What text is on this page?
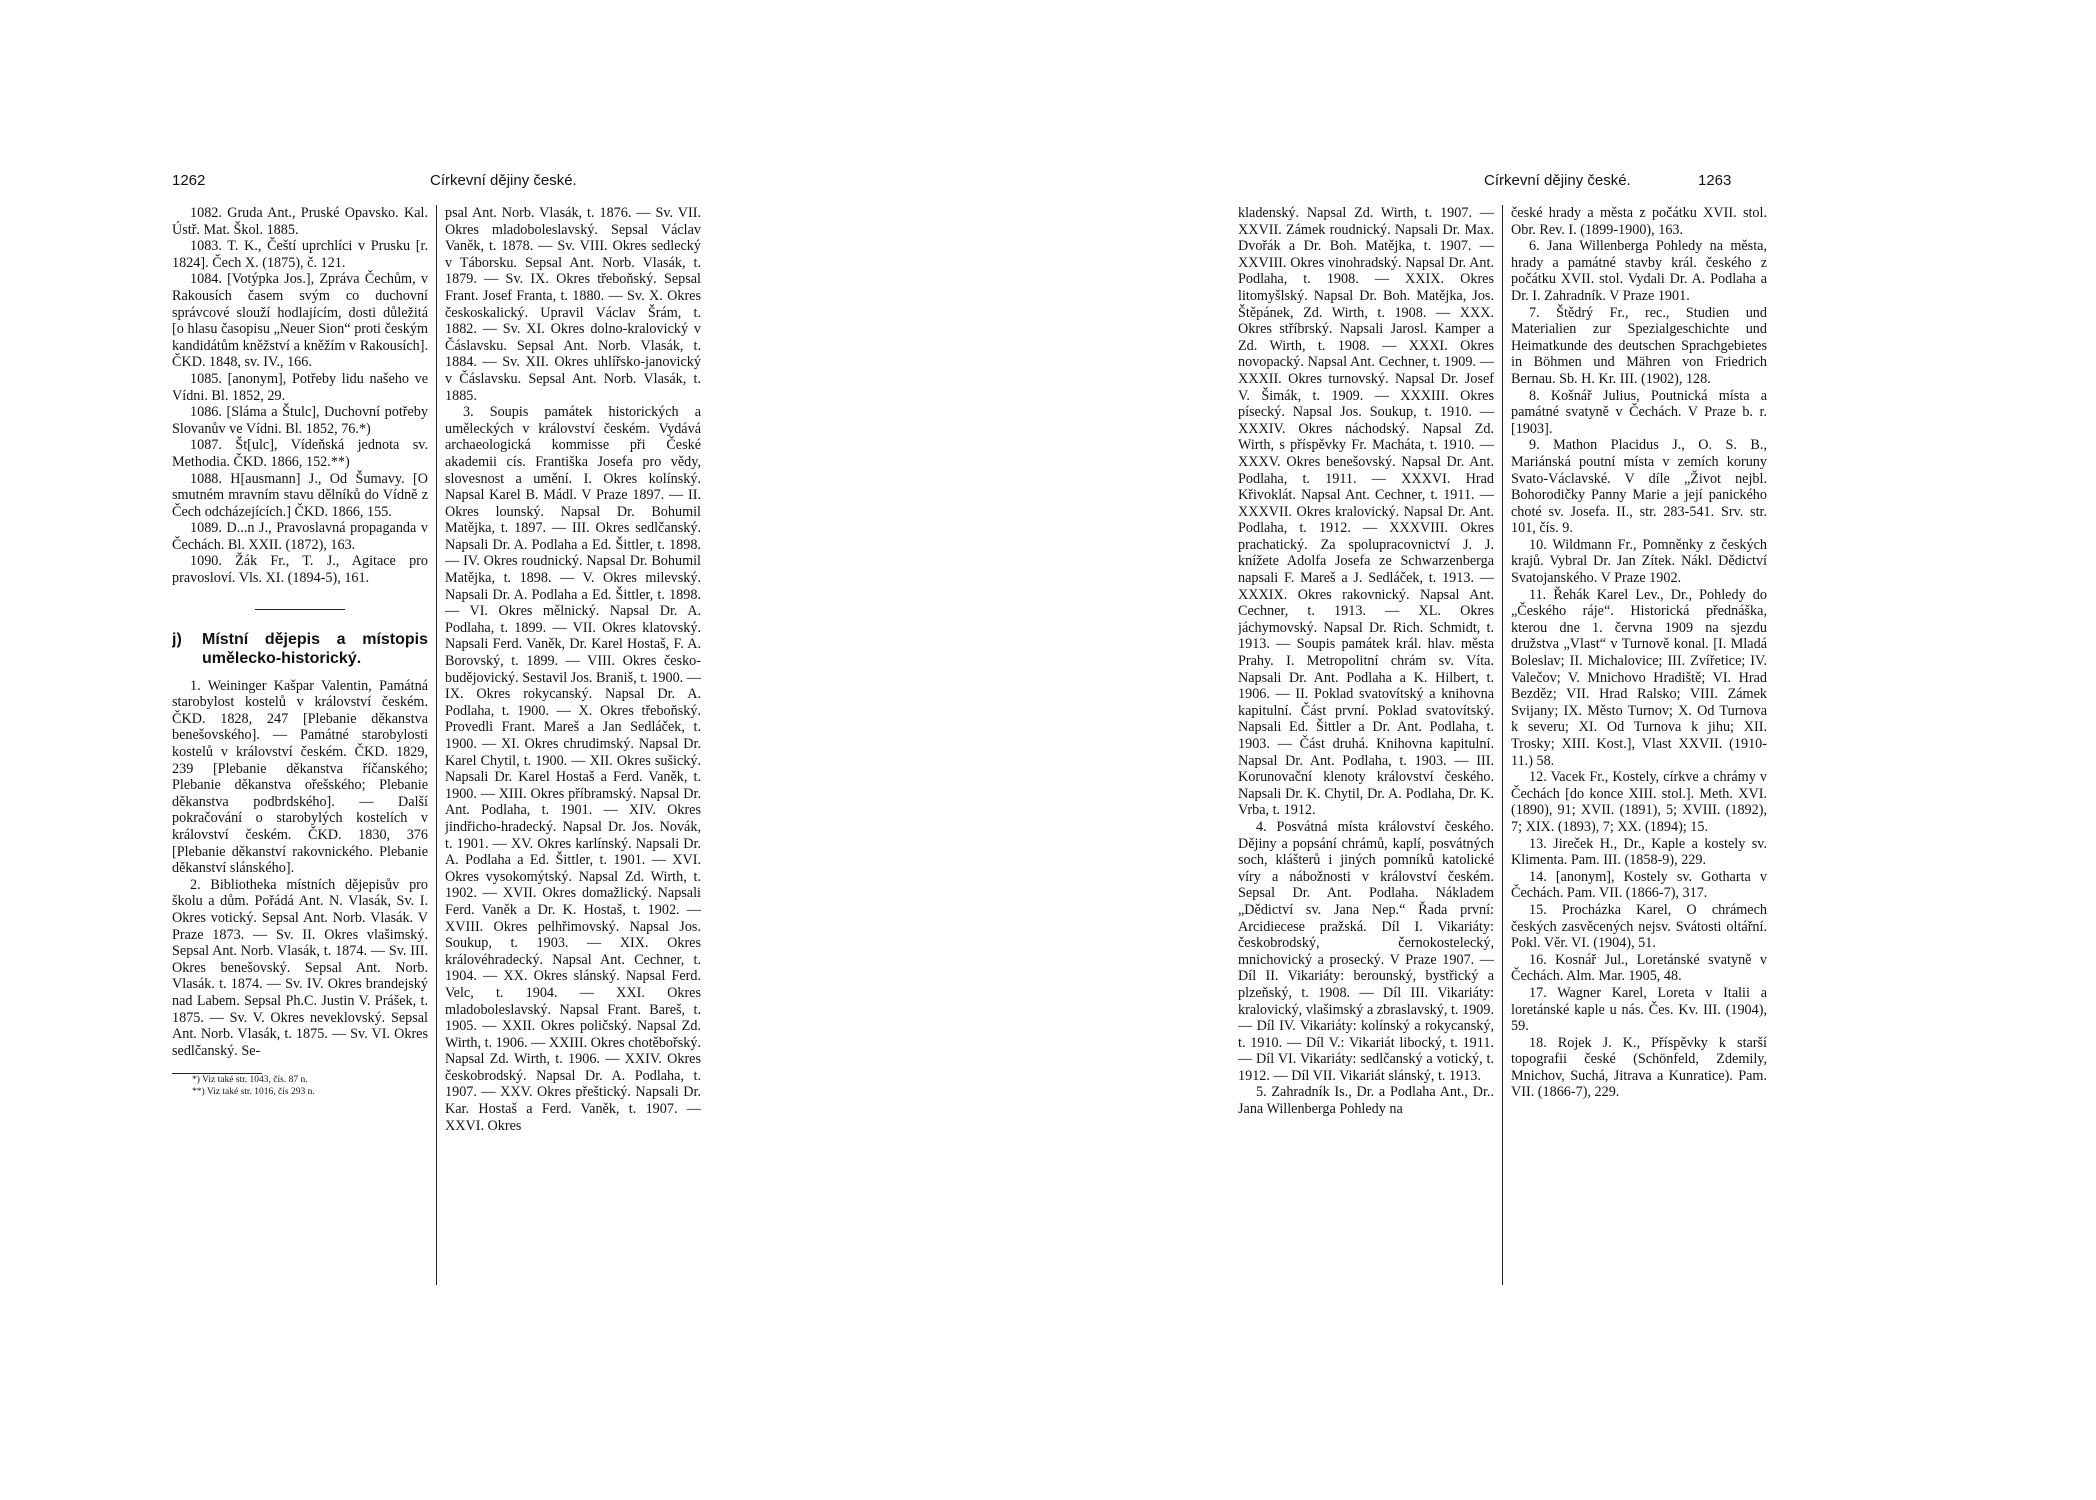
1262	Církevní dějiny české.

1082. Gruda Ant., Pruské Opavsko. Kal. Ústř. Mat. Škol. 1885.

1083. T. K., Čeští uprchlíci v Prusku [r. 1824]. Čech X. (1875), č. 121.

1084. [Votýpka Jos.], Zpráva Čechům, v Rakousích časem svým co duchovní správcové slouží hodlajícím, dosti důležitá [o hlasu časopisu „Neuer Sion“ proti českým kandidátům kněžství a kněžím v Rakousích]. ČKD. 1848, sv. IV., 166.

1085. [anonym], Potřeby lidu našeho ve Vídni. Bl. 1852, 29.

1086. [Sláma a Štulc], Duchovní potřeby Slovanův ve Vídni. Bl. 1852, 76.*)

1087. Št[ulc], Vídeňská jednota sv. Methodia. ČKD. 1866, 152.**)

1088. H[ausmann] J., Od Šumavy. [O smutném mravním stavu dělníků do Vídně z Čech odcházejících.] ČKD. 1866, 155.

1089. D...n J., Pravoslavná propaganda v Čechách. Bl. XXII. (1872), 163.

1090. Žák Fr., T. J., Agitace pro pravosloví. Vls. XI. (1894-5), 161.

j) Místní dějepis a místopis umělecko-historický.

1. Weininger Kašpar Valentin, Památná starobylost kostelů v království českém. ČKD. 1828, 247 [Plebanie děkanstva benešovského]. — Památné starobylosti kostelů v království českém. ČKD. 1829, 239 [Plebanie děkanstva říčanského; Plebanie děkanstva ořešského; Plebanie děkanstva podbrdského]. — Další pokračování o starobylých kostelích v království českém. ČKD. 1830, 376 [Plebanie děkanství rakovnického. Plebanie děkanství slánského].

2. Bibliotheka místních dějepisův pro školu a dům. Pořádá Ant. N. Vlasák, Sv. I. Okres votický. Sepsal Ant. Norb. Vlasák. V Praze 1873. — Sv. II. Okres vlašimský. Sepsal Ant. Norb. Vlasák, t. 1874. — Sv. III. Okres benešovský. Sepsal Ant. Norb. Vlasák. t. 1874. — Sv. IV. Okres brandejský nad Labem. Sepsal Ph.C. Justin V. Prášek, t. 1875. — Sv. V. Okres neveklovský. Sepsal Ant. Norb. Vlasák, t. 1875. — Sv. VI. Okres sedlčanský. Se-

*) Viz také str. 1043, čís. 87 n.
**) Viz také str. 1016, čís 293 n.

psal Ant. Norb. Vlasák, t. 1876. — Sv. VII. Okres mladoboleslavský. Sepsal Václav Vaněk, t. 1878. — Sv. VIII. Okres sedlecký v Táborsku. Sepsal Ant. Norb. Vlasák, t. 1879. — Sv. IX. Okres třeboňský. Sepsal Frant. Josef Franta, t. 1880. — Sv. X. Okres českoskalický. Upravil Václav Šrám, t. 1882. — Sv. XI. Okres dolno-kralovický v Čáslavsku. Sepsal Ant. Norb. Vlasák, t. 1884. — Sv. XII. Okres uhlířsko-janovický v Čáslavsku. Sepsal Ant. Norb. Vlasák, t. 1885.

3. Soupis památek historických a uměleckých v království českém. Vydává archaeologická kommisse při České akademii cís. Františka Josefa pro vědy, slovesnost a umění. I. Okres kolínský. Napsal Karel B. Mádl. V Praze 1897. — II. Okres lounský. Napsal Dr. Bohumil Matějka, t. 1897. — III. Okres sedlčanský. Napsali Dr. A. Podlaha a Ed. Šittler, t. 1898. — IV. Okres roudnický. Napsal Dr. Bohumil Matějka, t. 1898. — V. Okres milevský. Napsali Dr. A. Podlaha a Ed. Šittler, t. 1898. — VI. Okres mělnický. Napsal Dr. A. Podlaha, t. 1899. — VII. Okres klatovský. Napsali Ferd. Vaněk, Dr. Karel Hostaš, F. A. Borovský, t. 1899. — VIII. Okres česko-budějovický. Sestavil Jos. Braniš, t. 1900. — IX. Okres rokycanský. Napsal Dr. A. Podlaha, t. 1900. — X. Okres třeboňský. Provedli Frant. Mareš a Jan Sedláček, t. 1900. — XI. Okres chrudimský. Napsal Dr. Karel Chytil, t. 1900. — XII. Okres sušický. Napsali Dr. Karel Hostaš a Ferd. Vaněk, t. 1900. — XIII. Okres příbramský. Napsal Dr. Ant. Podlaha, t. 1901. — XIV. Okres jindřicho-hradecký. Napsal Dr. Jos. Novák, t. 1901. — XV. Okres karlínský. Napsali Dr. A. Podlaha a Ed. Šittler, t. 1901. — XVI. Okres vysokomýtský. Napsal Zd. Wirth, t. 1902. — XVII. Okres domažlický. Napsali Ferd. Vaněk a Dr. K. Hostaš, t. 1902. — XVIII. Okres pelhřimovský. Napsal Jos. Soukup, t. 1903. — XIX. Okres královéhradecký. Napsal Ant. Cechner, t. 1904. — XX. Okres slánský. Napsal Ferd. Velc, t. 1904. — XXI. Okres mladoboleslavský. Napsal Frant. Bareš, t. 1905. — XXII. Okres poličský. Napsal Zd. Wirth, t. 1906. — XXIII. Okres chotěbořský. Napsal Zd. Wirth, t. 1906. — XXIV. Okres českobrodský. Napsal Dr. A. Podlaha, t. 1907. — XXV. Okres přeštický. Napsali Dr. Kar. Hostaš a Ferd. Vaněk, t. 1907. — XXVI. Okres

Církevní dějiny české.	1263

kladenský. Napsal Zd. Wirth, t. 1907. — XXVII. Zámek roudnický. Napsali Dr. Max. Dvořák a Dr. Boh. Matějka, t. 1907. — XXVIII. Okres vinohradský. Napsal Dr. Ant. Podlaha, t. 1908. — XXIX. Okres litomyšlský. Napsal Dr. Boh. Matějka, Jos. Štěpánek, Zd. Wirth, t. 1908. — XXX. Okres stříbrský. Napsali Jarosl. Kamper a Zd. Wirth, t. 1908. — XXXI. Okres novopacký. Napsal Ant. Cechner, t. 1909. — XXXII. Okres turnovský. Napsal Dr. Josef V. Šimák, t. 1909. — XXXIII. Okres písecký. Napsal Jos. Soukup, t. 1910. — XXXIV. Okres náchodský. Napsal Zd. Wirth, s příspěvky Fr. Macháta, t. 1910. — XXXV. Okres benešovský. Napsal Dr. Ant. Podlaha, t. 1911. — XXXVI. Hrad Křivoklát. Napsal Ant. Cechner, t. 1911. — XXXVII. Okres kralovický. Napsal Dr. Ant. Podlaha, t. 1912. — XXXVIII. Okres prachatický. Za spolupracovnictví J. J. knížete Adolfa Josefa ze Schwarzenberga napsali F. Mareš a J. Sedláček, t. 1913. — XXXIX. Okres rakovnický. Napsal Ant. Cechner, t. 1913. — XL. Okres jáchymovský. Napsal Dr. Rich. Schmidt, t. 1913. — Soupis památek král. hlav. města Prahy. I. Metropolitní chrám sv. Víta. Napsali Dr. Ant. Podlaha a K. Hilbert, t. 1906. — II. Poklad svatovítský a knihovna kapitulní. Část první. Poklad svatovítský. Napsali Ed. Šittler a Dr. Ant. Podlaha, t. 1903. — Část druhá. Knihovna kapitulní. Napsal Dr. Ant. Podlaha, t. 1903. — III. Korunovační klenoty království českého. Napsali Dr. K. Chytil, Dr. A. Podlaha, Dr. K. Vrba, t. 1912.

4. Posvátná místa království českého. Dějiny a popsání chrámů, kaplí, posvátných soch, klášterů i jiných pomníků katolické víry a nábožnosti v království českém. Sepsal Dr. Ant. Podlaha. Nákladem „Dědictví sv. Jana Nep.“ Řada první: Arcidiecese pražská. Díl I. Vikariáty: českobrodský, černokostelecký, mnichovický a prosecký. V Praze 1907. — Díl II. Vikariáty: berounský, bystřický a plzeňský, t. 1908. — Díl III. Vikariáty: kralovický, vlašimský a zbraslavský, t. 1909. — Díl IV. Vikariáty: kolínský a rokycanský, t. 1910. — Díl V.: Vikariát libocký, t. 1911. — Díl VI. Vikariáty: sedlčanský a votický, t. 1912. — Díl VII. Vikariát slánský, t. 1913.

5. Zahradník Is., Dr. a Podlaha Ant., Dr.. Jana Willenberga Pohledy na

české hrady a města z počátku XVII. stol. Obr. Rev. I. (1899-1900), 163.

6. Jana Willenberga Pohledy na města, hrady a památné stavby král. českého z počátku XVII. stol. Vydali Dr. A. Podlaha a Dr. I. Zahradník. V Praze 1901.

7. Štědrý Fr., rec., Studien und Materialien zur Spezialgeschichte und Heimatkunde des deutschen Sprachgebietes in Böhmen und Mähren von Friedrich Bernau. Sb. H. Kr. III. (1902), 128.

8. Košnář Julius, Poutnická místa a památné svatyně v Čechách. V Praze b. r. [1903].

9. Mathon Placidus J., O. S. B., Mariánská poutní místa v zemích koruny Svato-Václavské. V díle „Život nejbl. Bohorodičky Panny Marie a její panického choté sv. Josefa. II., str. 283-541. Srv. str. 101, čís. 9.

10. Wildmann Fr., Pomněnky z českých krajů. Vybral Dr. Jan Zítek. Nákl. Dědictví Svatojanského. V Praze 1902.

11. Řehák Karel Lev., Dr., Pohledy do „Českého ráje“. Historická přednáška, kterou dne 1. června 1909 na sjezdu družstva „Vlast“ v Turnově konal. [I. Mladá Boleslav; II. Michalovice; III. Zvířetice; IV. Valečov; V. Mnichovo Hradiště; VI. Hrad Bezděz; VII. Hrad Ralsko; VIII. Zámek Svijany; IX. Město Turnov; X. Od Turnova k severu; XI. Od Turnova k jihu; XII. Trosky; XIII. Kost.], Vlast XXVII. (1910-11.) 58.

12. Vacek Fr., Kostely, církve a chrámy v Čechách [do konce XIII. stol.]. Meth. XVI. (1890), 91; XVII. (1891), 5; XVIII. (1892), 7; XIX. (1893), 7; XX. (1894); 15.

13. Jireček H., Dr., Kaple a kostely sv. Klimenta. Pam. III. (1858-9), 229.

14. [anonym], Kostely sv. Gotharta v Čechách. Pam. VII. (1866-7), 317.

15. Procházka Karel, O chrámech českých zasvěcených nejsv. Svátosti oltářní. Pokl. Věr. VI. (1904), 51.

16. Kosnář Jul., Loretánské svatyně v Čechách. Alm. Mar. 1905, 48.

17. Wagner Karel, Loreta v Italii a loretánské kaple u nás. Čes. Kv. III. (1904), 59.

18. Rojek J. K., Příspěvky k starší topografii české (Schönfeld, Zdemily, Mnichov, Suchá, Jitrava a Kunratice). Pam. VII. (1866-7), 229.
